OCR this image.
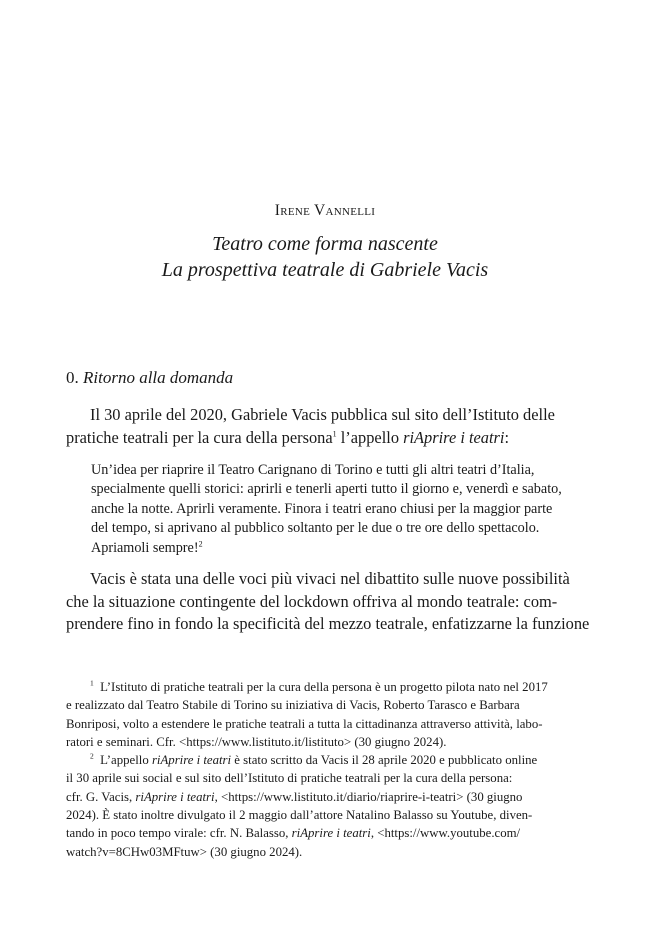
Irene Vannelli
Teatro come forma nascente
La prospettiva teatrale di Gabriele Vacis
0. Ritorno alla domanda

Il 30 aprile del 2020, Gabriele Vacis pubblica sul sito dell’Istituto delle
pratiche teatrali per la cura della persona$^1$ l’appello riAprire i teatri:

Un’idea per riaprire il Teatro Carignano di Torino e tutti gli altri teatri d’Italia,
specialmente quelli storici: aprirli e tenerli aperti tutto il giorno e, venerdì e sabato,
anche la notte. Aprirli veramente. Finora i teatri erano chiusi per la maggior parte
del tempo, si aprivano al pubblico soltanto per le due o tre ore dello spettacolo.
Apriamoli sempre!$^2$

Vacis è stata una delle voci più vivaci nel dibattito sulle nuove possibilità
che la situazione contingente del lockdown offriva al mondo teatrale: com-
prendere fino in fondo la specificità del mezzo teatrale, enfatizzarne la funzione

$^1$ L’Istituto di pratiche teatrali per la cura della persona è un progetto pilota nato nel 2017
e realizzato dal Teatro Stabile di Torino su iniziativa di Vacis, Roberto Tarasco e Barbara
Bonriposi, volto a estendere le pratiche teatrali a tutta la cittadinanza attraverso attività, labo-
ratori e seminari. Cfr. <https://www.listituto.it/listituto> (30 giugno 2024).
$^2$ L’appello riAprire i teatri è stato scritto da Vacis il 28 aprile 2020 e pubblicato online
il 30 aprile sui social e sul sito dell’Istituto di pratiche teatrali per la cura della persona:
cfr. G. Vacis, riAprire i teatri, <https://www.listituto.it/diario/riaprire-i-teatri> (30 giugno
2024). È stato inoltre divulgato il 2 maggio dall’attore Natalino Balasso su Youtube, diven-
tando in poco tempo virale: cfr. N. Balasso, riAprire i teatri, <https://www.youtube.com/
watch?v=8CHw03MFtuw> (30 giugno 2024).
